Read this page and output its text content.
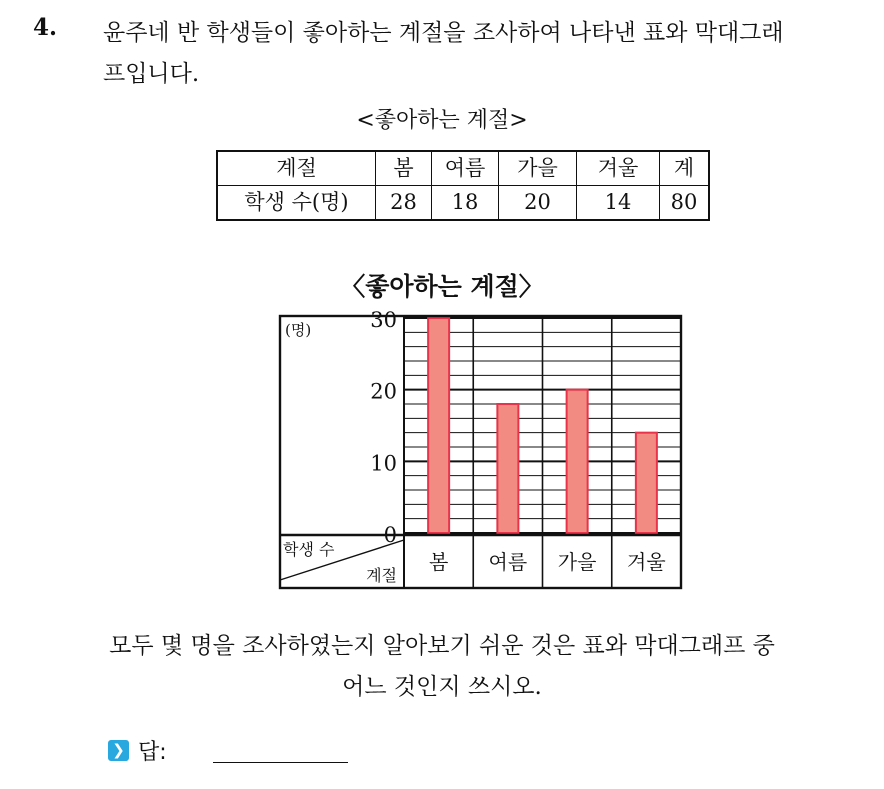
4. 윤주네 반 학생들이 좋아하는 계절을 조사하여 나타낸 표와 막대그래
프입니다.
<좋아하는 계절>
계절	봄	여름	가을	겨울	계
학생 수(명)	28	18	20	14	80
〈좋아하는 계절〉
0
10
20
30
(명)
봄 여름 가을 겨울
학생 수
계절
모두 몇 명을 조사하였는지 알아보기 쉬운 것은 표와 막대그래프 중
어느 것인지 쓰시오.
❯ 답:
